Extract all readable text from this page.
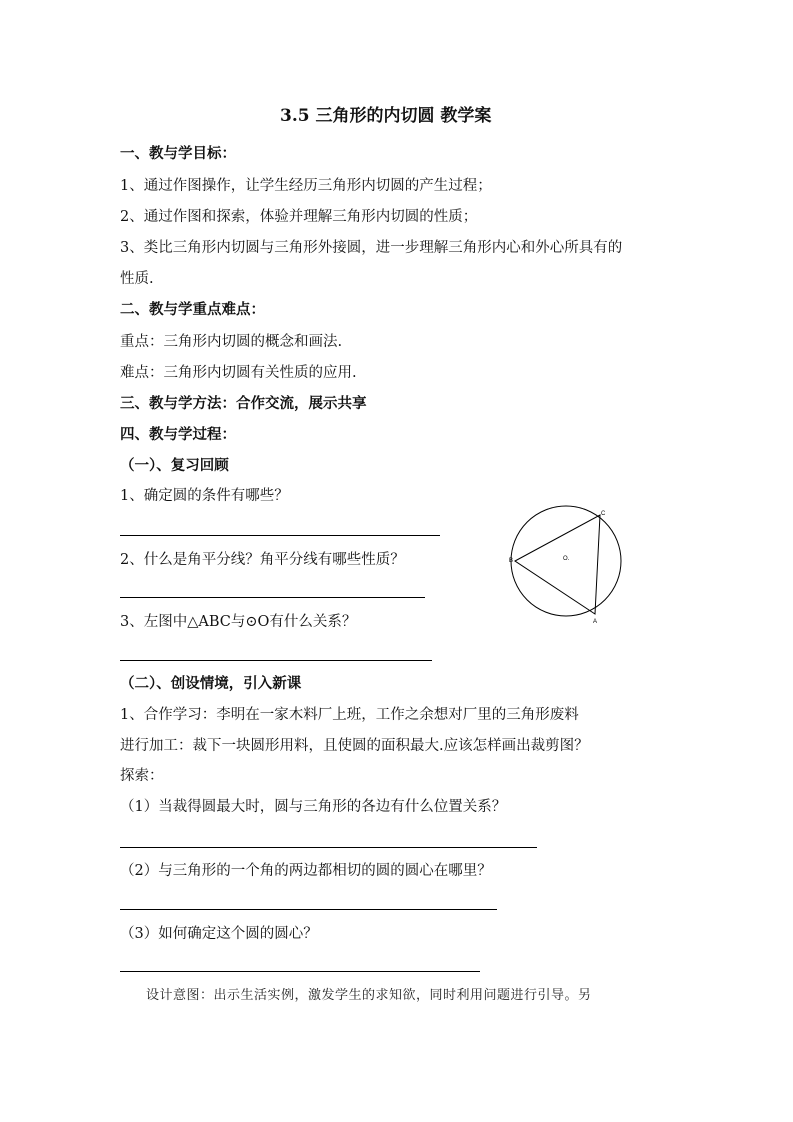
3.5 三角形的内切圆 教学案
一、教与学目标：
1、通过作图操作，让学生经历三角形内切圆的产生过程；
2、通过作图和探索，体验并理解三角形内切圆的性质；
3、类比三角形内切圆与三角形外接圆，进一步理解三角形内心和外心所具有的
性质.
二、教与学重点难点：
重点：三角形内切圆的概念和画法.
难点：三角形内切圆有关性质的应用.
三、教与学方法：合作交流，展示共享
四、教与学过程：
（一）、复习回顾
1、确定圆的条件有哪些？
2、什么是角平分线？角平分线有哪些性质？
3、左图中△ABC与⊙O有什么关系？
B
C
A
O.
（二）、创设情境，引入新课
1、合作学习：李明在一家木料厂上班，工作之余想对厂里的三角形废料
进行加工：裁下一块圆形用料，且使圆的面积最大.应该怎样画出裁剪图？
探索：
（1）当裁得圆最大时，圆与三角形的各边有什么位置关系？
（2）与三角形的一个角的两边都相切的圆的圆心在哪里？
（3）如何确定这个圆的圆心？
设计意图：出示生活实例，激发学生的求知欲，同时利用问题进行引导。另
